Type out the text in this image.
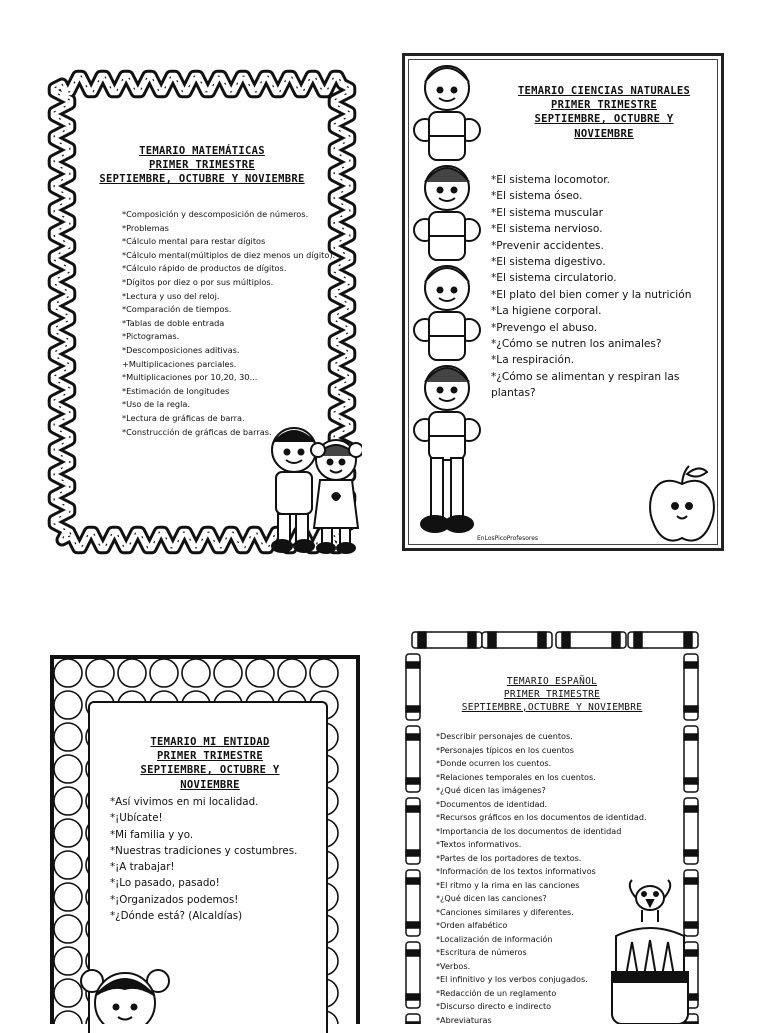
TEMARIO MATEMÁTICAS
PRIMER TRIMESTRE
SEPTIEMBRE, OCTUBRE Y NOVIEMBRE
*Composición y descomposición de números.
*Problemas
*Cálculo mental para restar dígitos
*Cálculo mental(múltiplos de diez menos un dígito).
*Cálculo rápido de productos de dígitos.
*Dígitos por diez o por sus múltiplos.
*Lectura y uso del reloj.
*Comparación de tiempos.
*Tablas de doble entrada
*Pictogramas.
*Descomposiciones aditivas.
+Multiplicaciones parciales.
*Multiplicaciones por 10,20, 30...
*Estimación de longitudes
*Uso de la regla.
*Lectura de gráficas de barra.
*Construcción de gráficas de barras.
TEMARIO CIENCIAS NATURALES
PRIMER TRIMESTRE
SEPTIEMBRE, OCTUBRE Y
NOVIEMBRE
*El sistema locomotor.
*El sistema óseo.
*El sistema muscular
*El sistema nervioso.
*Prevenir accidentes.
*El sistema digestivo.
*El sistema circulatorio.
*El plato del bien comer y la nutrición
*La higiene corporal.
*Prevengo el abuso.
*¿Cómo se nutren los animales?
*La respiración.
*¿Cómo se alimentan y respiran las plantas?
EnLosPicoProfesores
TEMARIO MI ENTIDAD
PRIMER TRIMESTRE
SEPTIEMBRE, OCTUBRE Y
NOVIEMBRE
*Así vivimos en mi localidad.
*¡Ubícate!
*Mi familia y yo.
*Nuestras tradiciones y costumbres.
*¡A trabajar!
*¡Lo pasado, pasado!
*¡Organizados podemos!
*¿Dónde está? (Alcaldías)
TEMARIO ESPAÑOL
PRIMER TRIMESTRE
SEPTIEMBRE,OCTUBRE Y NOVIEMBRE
*Describir personajes de cuentos.
*Personajes típicos en los cuentos
*Donde ocurren los cuentos.
*Relaciones temporales en los cuentos.
*¿Qué dicen las imágenes?
*Documentos de identidad.
*Recursos gráficos en los documentos de identidad.
*Importancia de los documentos de identidad
*Textos informativos.
*Partes de los portadores de textos.
*Información de los textos informativos
*El ritmo y la rima en las canciones
*¿Qué dicen las canciones?
*Canciones similares y diferentes.
*Orden alfabético
*Localización de información
*Escritura de números
*Verbos.
*El infinitivo y los verbos conjugados.
*Redacción de un reglamento
*Discurso directo e indirecto
*Abreviaturas
